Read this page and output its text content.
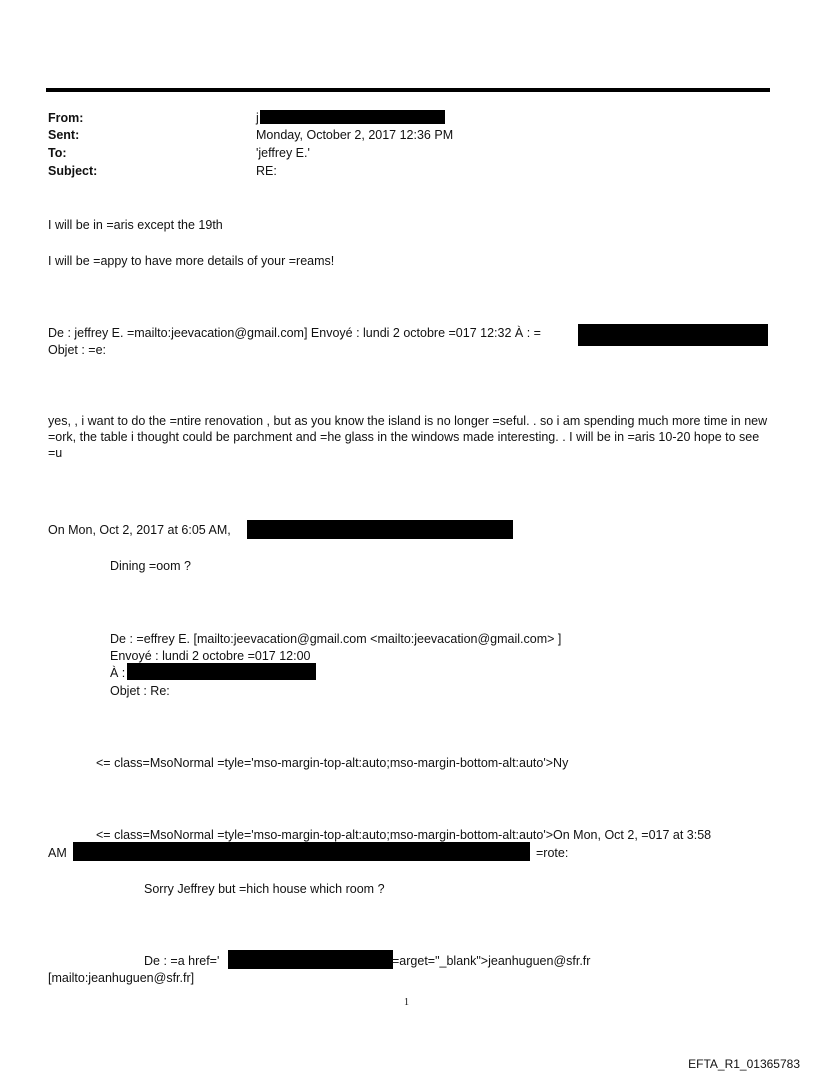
From:	j
Sent:	Monday, October 2, 2017 12:36 PM
To:	'jeffrey E.'
Subject:	RE:
I will be in =aris except the 19th
I will be =appy to have more details of your =reams!
De : jeffrey E. =mailto:jeevacation@gmail.com] Envoyé : lundi 2 octobre =017 12:32 À : =
Objet : =e:
yes, , i want to do the =ntire renovation , but as you know the island is no longer =seful. . so i am spending much more time in new =ork, the table i thought could be parchment and =he glass in the windows made interesting. . I will be in =aris 10-20 hope to see =u
On Mon, Oct 2, 2017 at 6:05 AM,
Dining =oom ?
De : =effrey E. [mailto:jeevacation@gmail.com <mailto:jeevacation@gmail.com> ]
Envoyé : lundi 2 octobre =017 12:00
À :
Objet : Re:
<= class=MsoNormal =tyle='mso-margin-top-alt:auto;mso-margin-bottom-alt:auto'>Ny
<= class=MsoNormal =tyle='mso-margin-top-alt:auto;mso-margin-bottom-alt:auto'>On Mon, Oct 2, =017 at 3:58
AM	=rote:
Sorry Jeffrey but =hich house which room ?
De : =a href='	=arget="_blank">jeanhuguen@sfr.fr
[mailto:jeanhuguen@sfr.fr]
1
EFTA_R1_01365783
